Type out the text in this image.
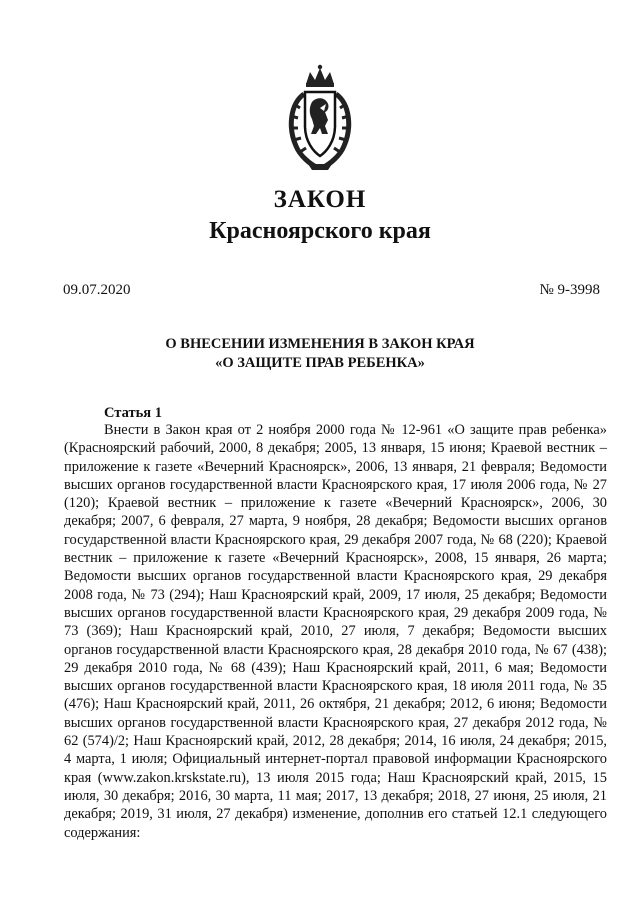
ЗАКОН
Красноярского края
09.07.2020	№ 9-3998
О ВНЕСЕНИИ ИЗМЕНЕНИЯ В ЗАКОН КРАЯ
«О ЗАЩИТЕ ПРАВ РЕБЕНКА»
Статья 1

Внести в Закон края от 2 ноября 2000 года № 12-961 «О защите прав ребенка» (Красноярский рабочий, 2000, 8 декабря; 2005, 13 января, 15 июня; Краевой вестник – приложение к газете «Вечерний Красноярск», 2006, 13 января, 21 февраля; Ведомости высших органов государственной власти Красноярского края, 17 июля 2006 года, № 27 (120); Краевой вестник – приложение к газете «Вечерний Красноярск», 2006, 30 декабря; 2007, 6 февраля, 27 марта, 9 ноября, 28 декабря; Ведомости высших органов государственной власти Красноярского края, 29 декабря 2007 года, № 68 (220); Краевой вестник – приложение к газете «Вечерний Красноярск», 2008, 15 января, 26 марта; Ведомости высших органов государственной власти Красноярского края, 29 декабря 2008 года, № 73 (294); Наш Красноярский край, 2009, 17 июля, 25 декабря; Ведомости высших органов государственной власти Красноярского края, 29 декабря 2009 года, № 73 (369); Наш Красноярский край, 2010, 27 июля, 7 декабря; Ведомости высших органов государственной власти Красноярского края, 28 декабря 2010 года, № 67 (438); 29 декабря 2010 года, № 68 (439); Наш Красноярский край, 2011, 6 мая; Ведомости высших органов государственной власти Красноярского края, 18 июля 2011 года, № 35 (476); Наш Красноярский край, 2011, 26 октября, 21 декабря; 2012, 6 июня; Ведомости высших органов государственной власти Красноярского края, 27 декабря 2012 года, № 62 (574)/2; Наш Красноярский край, 2012, 28 декабря; 2014, 16 июля, 24 декабря; 2015, 4 марта, 1 июля; Официальный интернет-портал правовой информации Красноярского края (www.zakon.krskstate.ru), 13 июля 2015 года; Наш Красноярский край, 2015, 15 июля, 30 декабря; 2016, 30 марта, 11 мая; 2017, 13 декабря; 2018, 27 июня, 25 июля, 21 декабря; 2019, 31 июля, 27 декабря) изменение, дополнив его статьей 12.1 следующего содержания:
